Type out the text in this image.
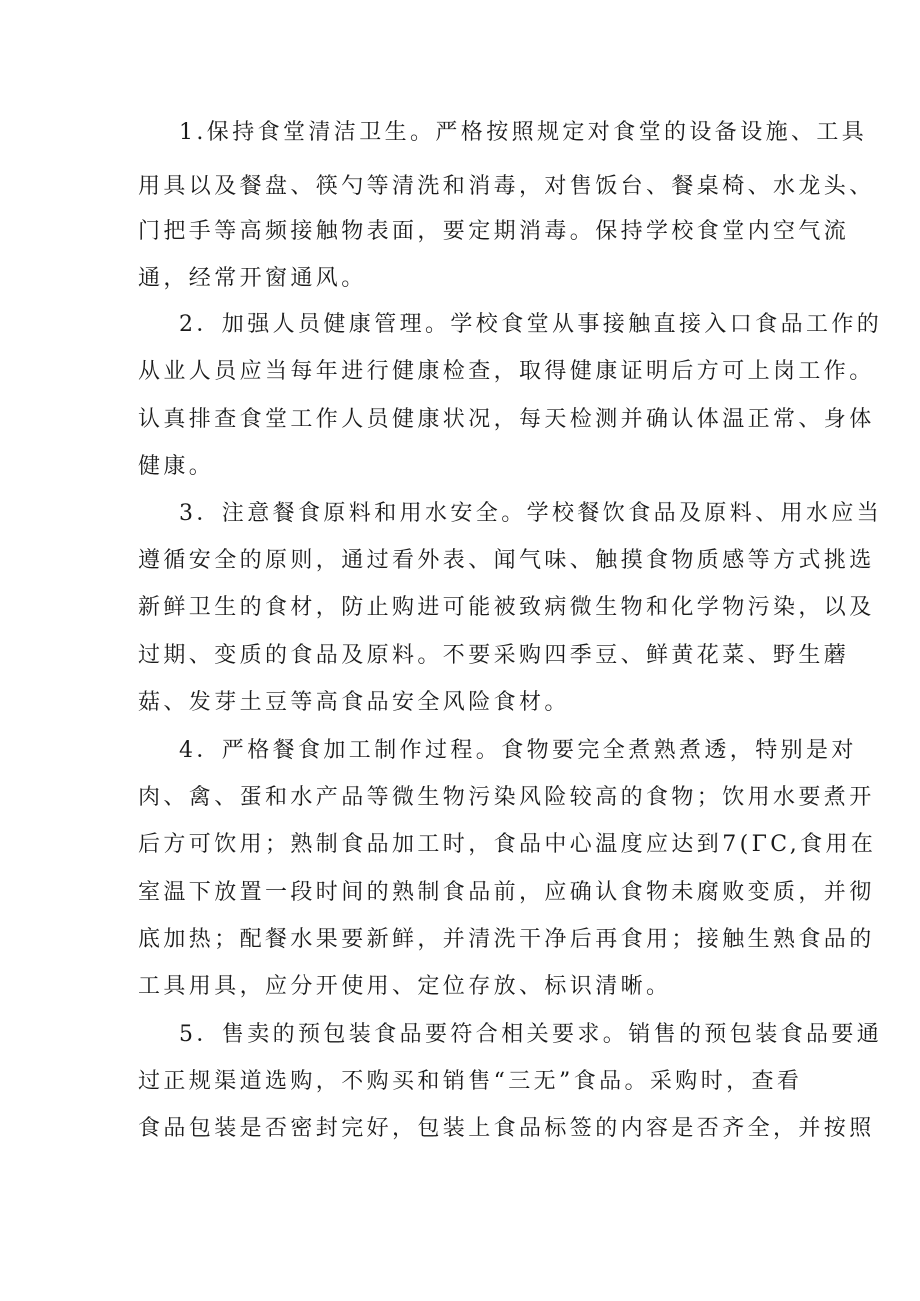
1.保持食堂清洁卫生。严格按照规定对食堂的设备设施、工具
用具以及餐盘、筷勺等清洗和消毒，对售饭台、餐桌椅、水龙头、
门把手等高频接触物表面，要定期消毒。保持学校食堂内空气流
通，经常开窗通风。
2．加强人员健康管理。学校食堂从事接触直接入口食品工作的
从业人员应当每年进行健康检查，取得健康证明后方可上岗工作。
认真排查食堂工作人员健康状况，每天检测并确认体温正常、身体
健康。
3．注意餐食原料和用水安全。学校餐饮食品及原料、用水应当
遵循安全的原则，通过看外表、闻气味、触摸食物质感等方式挑选
新鲜卫生的食材，防止购进可能被致病微生物和化学物污染，以及
过期、变质的食品及原料。不要采购四季豆、鲜黄花菜、野生蘑
菇、发芽土豆等高食品安全风险食材。
4．严格餐食加工制作过程。食物要完全煮熟煮透，特别是对
肉、禽、蛋和水产品等微生物污染风险较高的食物；饮用水要煮开
后方可饮用；熟制食品加工时，食品中心温度应达到7(ΓC,食用在
室温下放置一段时间的熟制食品前，应确认食物未腐败变质，并彻
底加热；配餐水果要新鲜，并清洗干净后再食用；接触生熟食品的
工具用具，应分开使用、定位存放、标识清晰。
5．售卖的预包装食品要符合相关要求。销售的预包装食品要通
过正规渠道选购，不购买和销售“三无”食品。采购时，查看
食品包装是否密封完好，包装上食品标签的内容是否齐全，并按照
